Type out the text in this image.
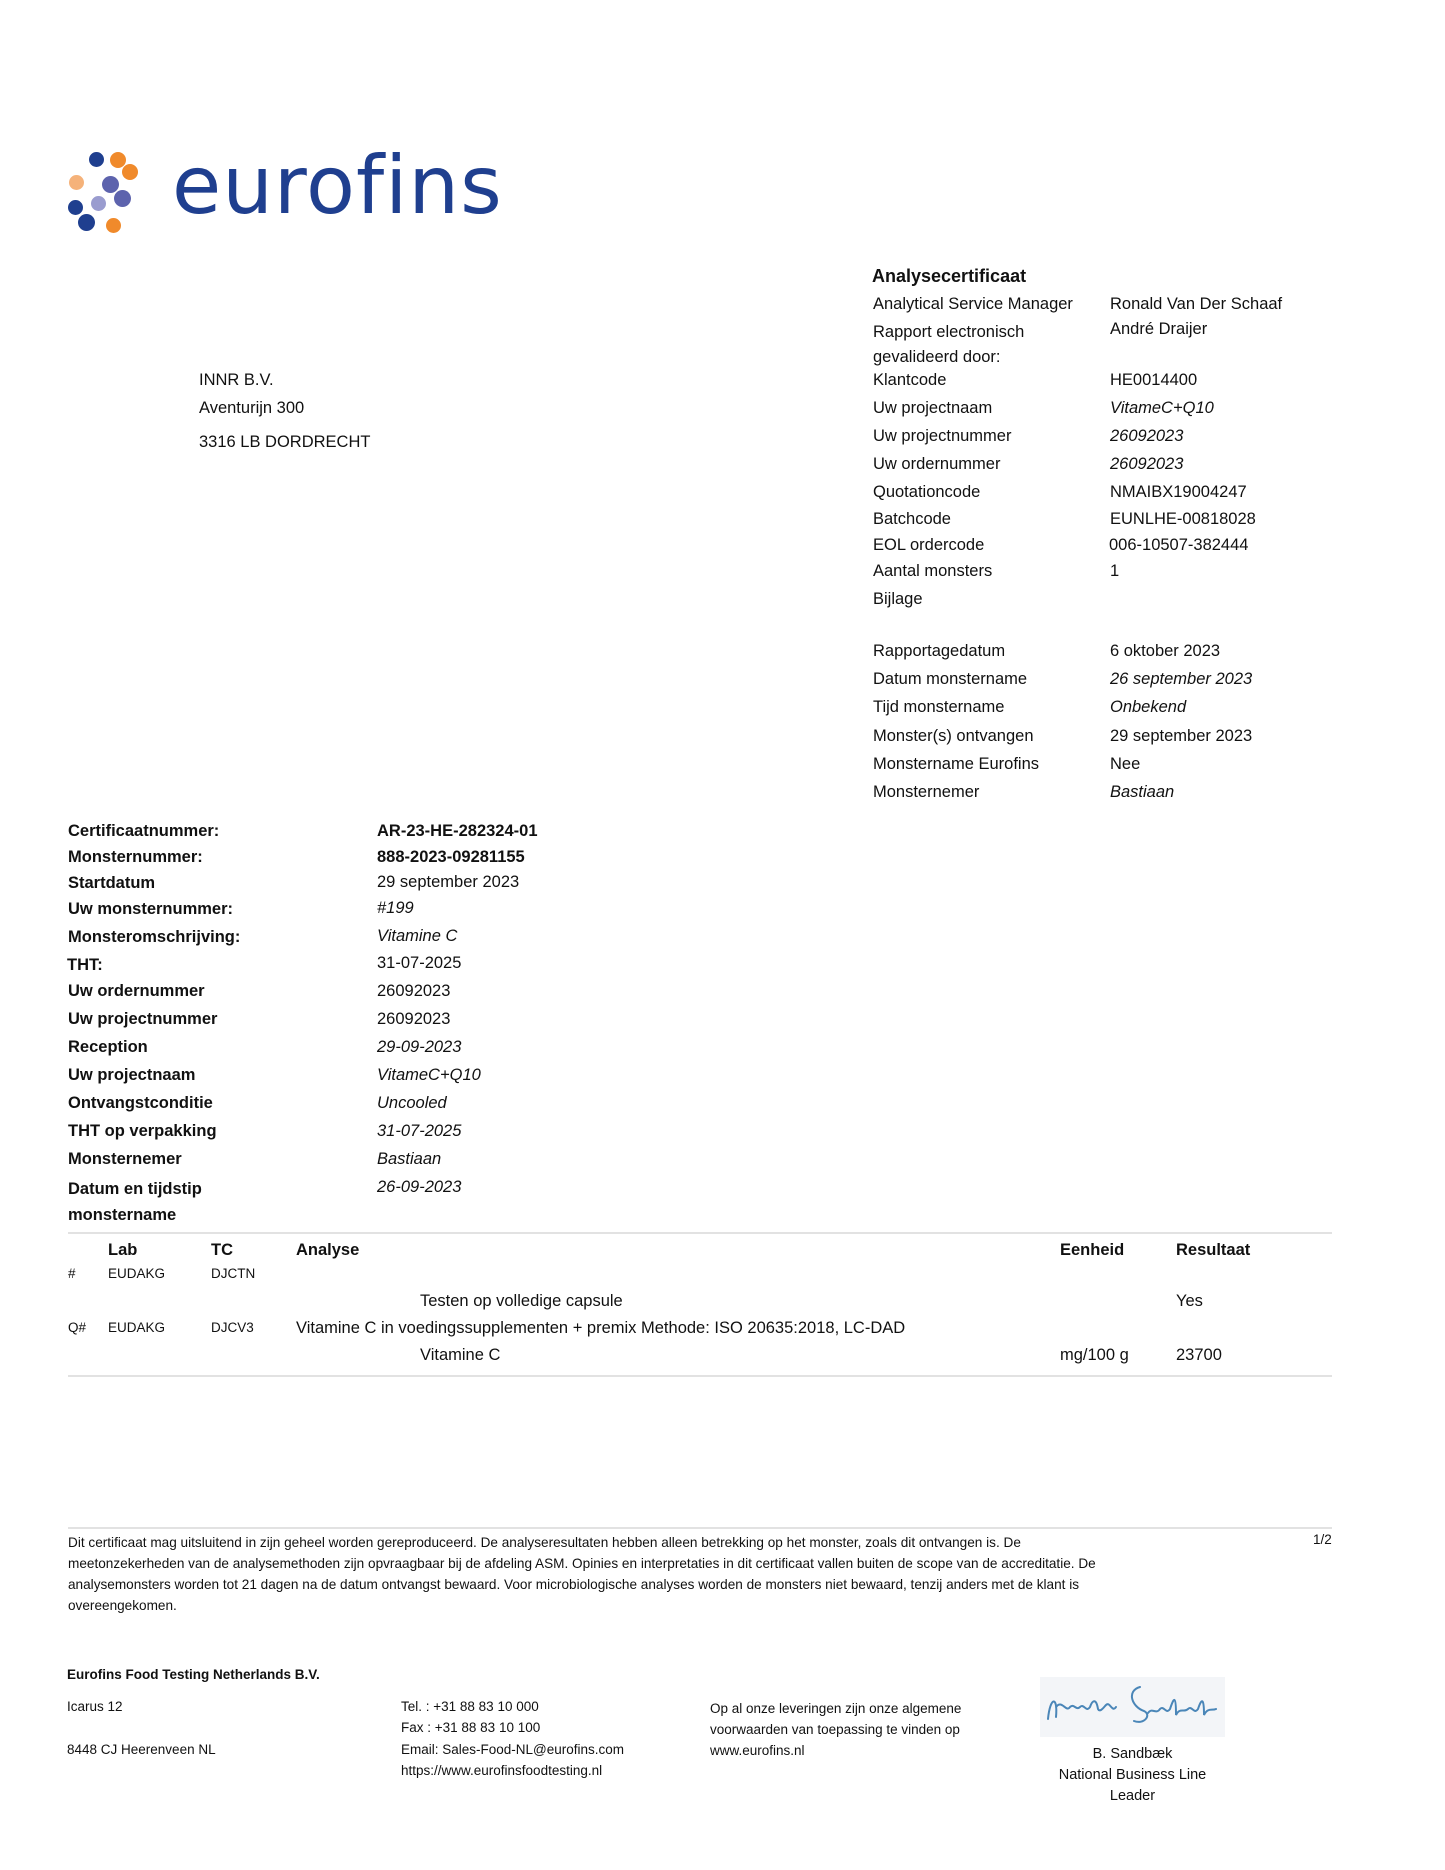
eurofins
INNR B.V.
Aventurijn 300
3316 LB DORDRECHT
Analysecertificaat
Analytical Service Manager Ronald Van Der Schaaf
Rapport electronisch
gevalideerd door:
André Draijer
Klantcode	HE0014400
Uw projectnaam	VitameC+Q10
Uw projectnummer	26092023
Uw ordernummer	26092023
Quotationcode	NMAIBX19004247
Batchcode	EUNLHE-00818028
EOL ordercode	006-10507-382444
Aantal monsters	1
Bijlage
Rapportagedatum	6 oktober 2023
Datum monstername	26 september 2023
Tijd monstername	Onbekend
Monster(s) ontvangen	29 september 2023
Monstername Eurofins	Nee
Monsternemer	Bastiaan
Certificaatnummer:	AR-23-HE-282324-01
Monsternummer:	888-2023-09281155
Startdatum	29 september 2023
Uw monsternummer:	#199
Monsteromschrijving:	Vitamine C
THT:	31-07-2025
Uw ordernummer	26092023
Uw projectnummer	26092023
Reception	29-09-2023
Uw projectnaam	VitameC+Q10
Ontvangstconditie	Uncooled
THT op verpakking	31-07-2025
Monsternemer	Bastiaan
Datum en tijdstip
monstername
26-09-2023
Lab	TC	Analyse	Eenheid	Resultaat
# EUDAKG	DJCTN
Testen op volledige capsule	Yes
Q# EUDAKG	DJCV3	Vitamine C in voedingssupplementen + premix Methode: ISO 20635:2018, LC-DAD
Vitamine C	mg/100 g	23700

Dit certificaat mag uitsluitend in zijn geheel worden gereproduceerd. De analyseresultaten hebben alleen betrekking op het monster, zoals dit ontvangen is. De meetonzekerheden van de analysemethoden zijn opvraagbaar bij de afdeling ASM. Opinies en interpretaties in dit certificaat vallen buiten de scope van de accreditatie. De analysemonsters worden tot 21 dagen na de datum ontvangst bewaard. Voor microbiologische analyses worden de monsters niet bewaard, tenzij anders met de klant is overeengekomen.

1/2
Eurofins Food Testing Netherlands B.V.
Icarus 12
8448 CJ Heerenveen NL
Tel. : +31 88 83 10 000
Fax : +31 88 83 10 100
Email: Sales-Food-NL@eurofins.com
https://www.eurofinsfoodtesting.nl
Op al onze leveringen zijn onze algemene
voorwaarden van toepassing te vinden op
www.eurofins.nl	B. Sandbæk
National Business Line
Leader
